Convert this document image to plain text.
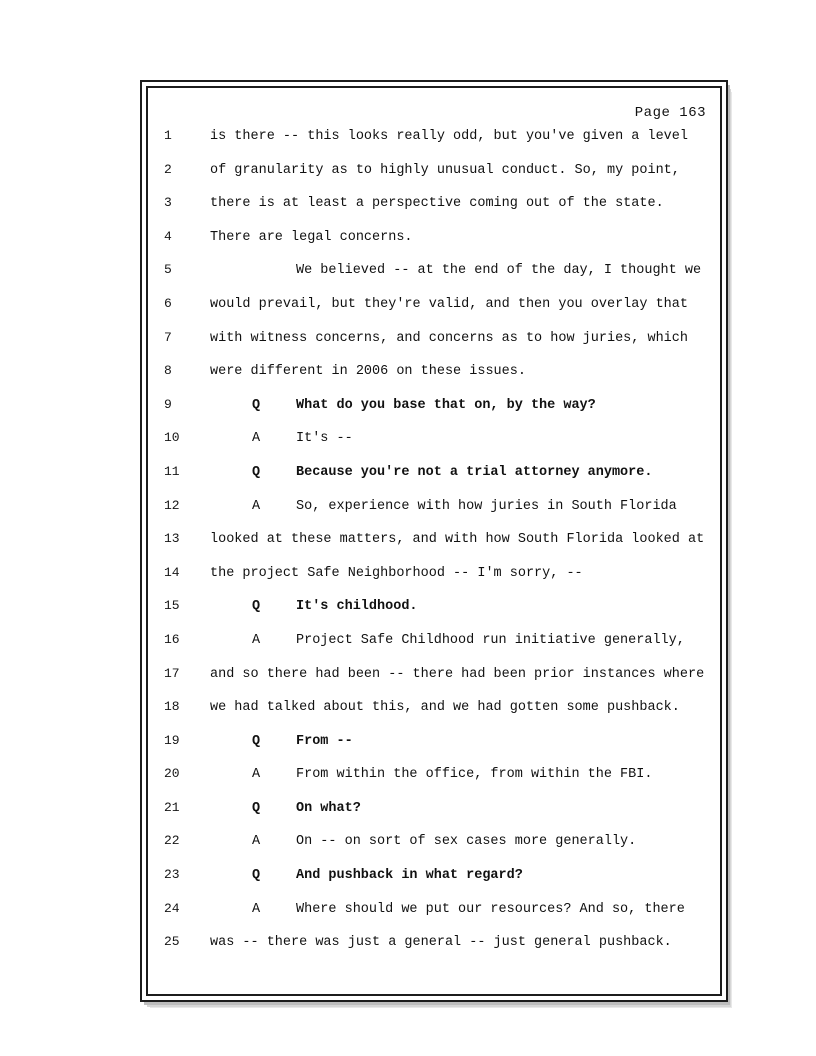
Page 163
1	is there -- this looks really odd, but you've given a level
2	of granularity as to highly unusual conduct. So, my point,
3	there is at least a perspective coming out of the state.
4	There are legal concerns.
5	We believed -- at the end of the day, I thought we
6	would prevail, but they're valid, and then you overlay that
7	with witness concerns, and concerns as to how juries, which
8	were different in 2006 on these issues.
9	Q	What do you base that on, by the way?
10	A	It's --
11	Q	Because you're not a trial attorney anymore.
12	A	So, experience with how juries in South Florida
13	looked at these matters, and with how South Florida looked at
14	the project Safe Neighborhood -- I'm sorry, --
15	Q	It's childhood.
16	A	Project Safe Childhood run initiative generally,
17	and so there had been -- there had been prior instances where
18	we had talked about this, and we had gotten some pushback.
19	Q	From --
20	A	From within the office, from within the FBI.
21	Q	On what?
22	A	On -- on sort of sex cases more generally.
23	Q	And pushback in what regard?
24	A	Where should we put our resources? And so, there
25	was -- there was just a general -- just general pushback.
